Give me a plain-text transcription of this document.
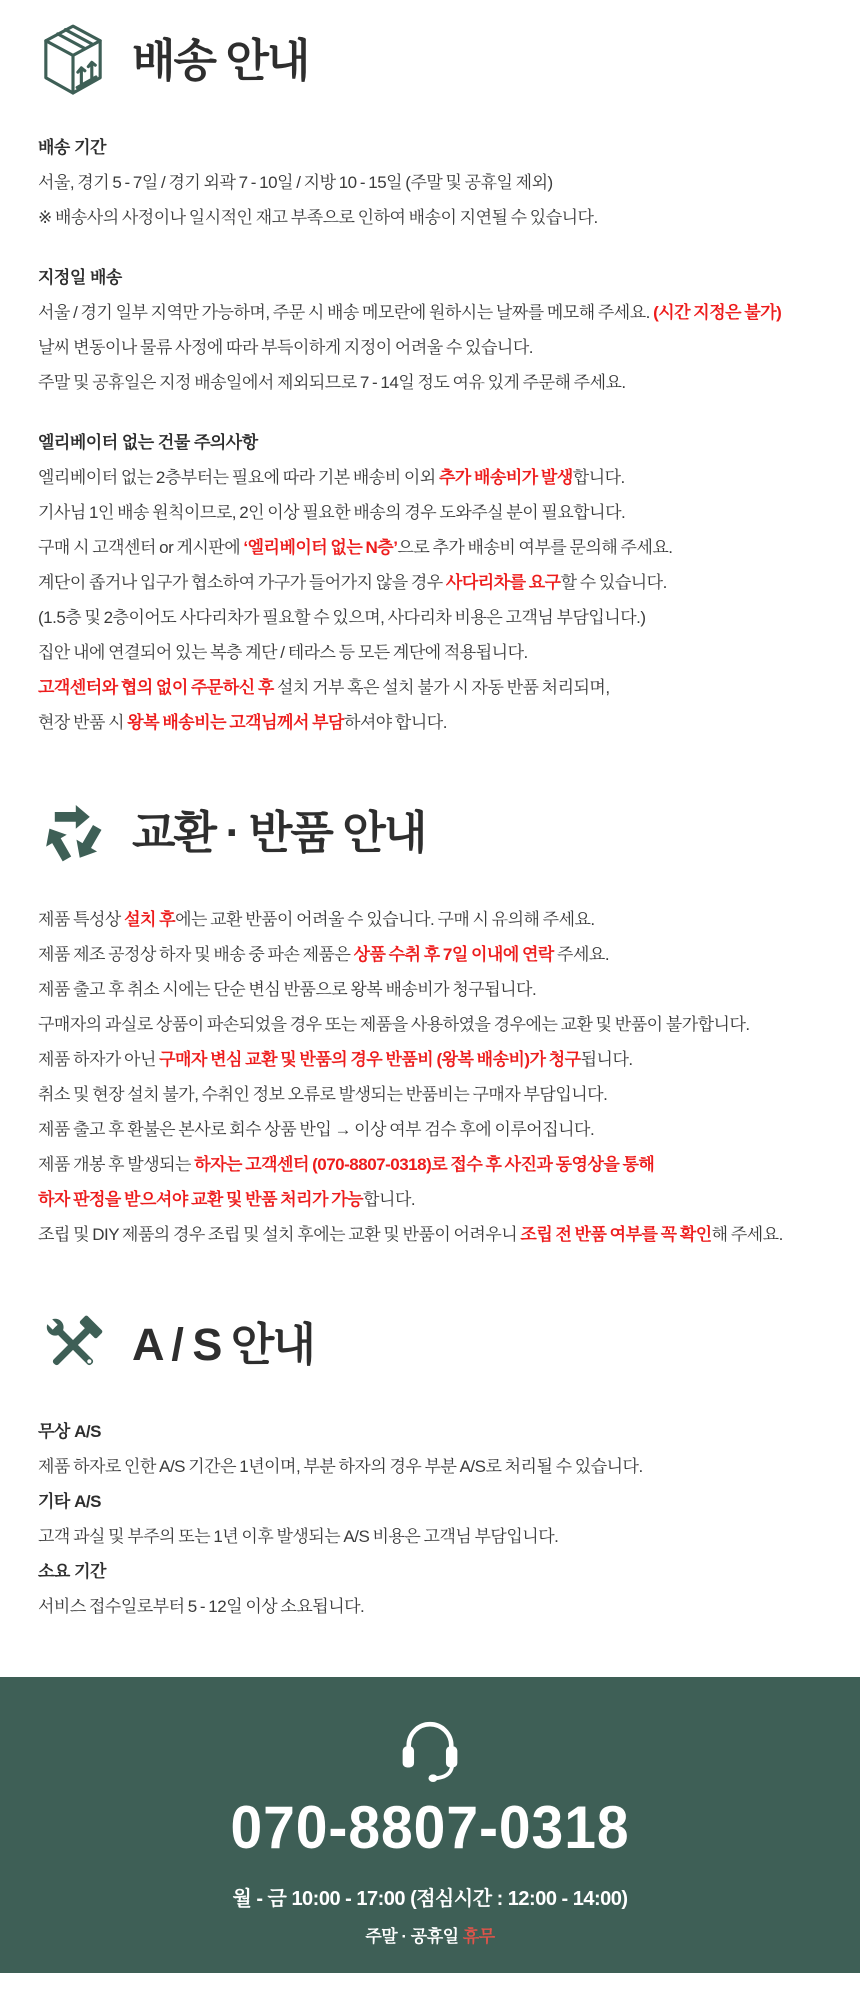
배송 안내
배송 기간
서울, 경기 5 - 7일 / 경기 외곽 7 - 10일 / 지방 10 - 15일 (주말 및 공휴일 제외)
※ 배송사의 사정이나 일시적인 재고 부족으로 인하여 배송이 지연될 수 있습니다.
지정일 배송
서울 / 경기 일부 지역만 가능하며, 주문 시 배송 메모란에 원하시는 날짜를 메모해 주세요. (시간 지정은 불가)
날씨 변동이나 물류 사정에 따라 부득이하게 지정이 어려울 수 있습니다.
주말 및 공휴일은 지정 배송일에서 제외되므로 7 - 14일 정도 여유 있게 주문해 주세요.
엘리베이터 없는 건물 주의사항
엘리베이터 없는 2층부터는 필요에 따라 기본 배송비 이외 추가 배송비가 발생합니다.
기사님 1인 배송 원칙이므로, 2인 이상 필요한 배송의 경우 도와주실 분이 필요합니다.
구매 시 고객센터 or 게시판에 ‘엘리베이터 없는 N층’으로 추가 배송비 여부를 문의해 주세요.
계단이 좁거나 입구가 협소하여 가구가 들어가지 않을 경우 사다리차를 요구할 수 있습니다.
(1.5층 및 2층이어도 사다리차가 필요할 수 있으며, 사다리차 비용은 고객님 부담입니다.)
집안 내에 연결되어 있는 복층 계단 / 테라스 등 모든 계단에 적용됩니다.
고객센터와 협의 없이 주문하신 후 설치 거부 혹은 설치 불가 시 자동 반품 처리되며,
현장 반품 시 왕복 배송비는 고객님께서 부담하셔야 합니다.
교환 · 반품 안내
제품 특성상 설치 후에는 교환 반품이 어려울 수 있습니다. 구매 시 유의해 주세요.
제품 제조 공정상 하자 및 배송 중 파손 제품은 상품 수취 후 7일 이내에 연락 주세요.
제품 출고 후 취소 시에는 단순 변심 반품으로 왕복 배송비가 청구됩니다.
구매자의 과실로 상품이 파손되었을 경우 또는 제품을 사용하였을 경우에는 교환 및 반품이 불가합니다.
제품 하자가 아닌 구매자 변심 교환 및 반품의 경우 반품비 (왕복 배송비)가 청구됩니다.
취소 및 현장 설치 불가, 수취인 정보 오류로 발생되는 반품비는 구매자 부담입니다.
제품 출고 후 환불은 본사로 회수 상품 반입 → 이상 여부 검수 후에 이루어집니다.
제품 개봉 후 발생되는 하자는 고객센터 (070-8807-0318)로 접수 후 사진과 동영상을 통해
하자 판정을 받으셔야 교환 및 반품 처리가 가능합니다.
조립 및 DIY 제품의 경우 조립 및 설치 후에는 교환 및 반품이 어려우니 조립 전 반품 여부를 꼭 확인해 주세요.
A / S 안내
무상 A/S
제품 하자로 인한 A/S 기간은 1년이며, 부분 하자의 경우 부분 A/S로 처리될 수 있습니다.
기타 A/S
고객 과실 및 부주의 또는 1년 이후 발생되는 A/S 비용은 고객님 부담입니다.
소요 기간
서비스 접수일로부터 5 - 12일 이상 소요됩니다.
070-8807-0318
월 - 금 10:00 - 17:00 (점심시간 : 12:00 - 14:00)
주말 · 공휴일 휴무
